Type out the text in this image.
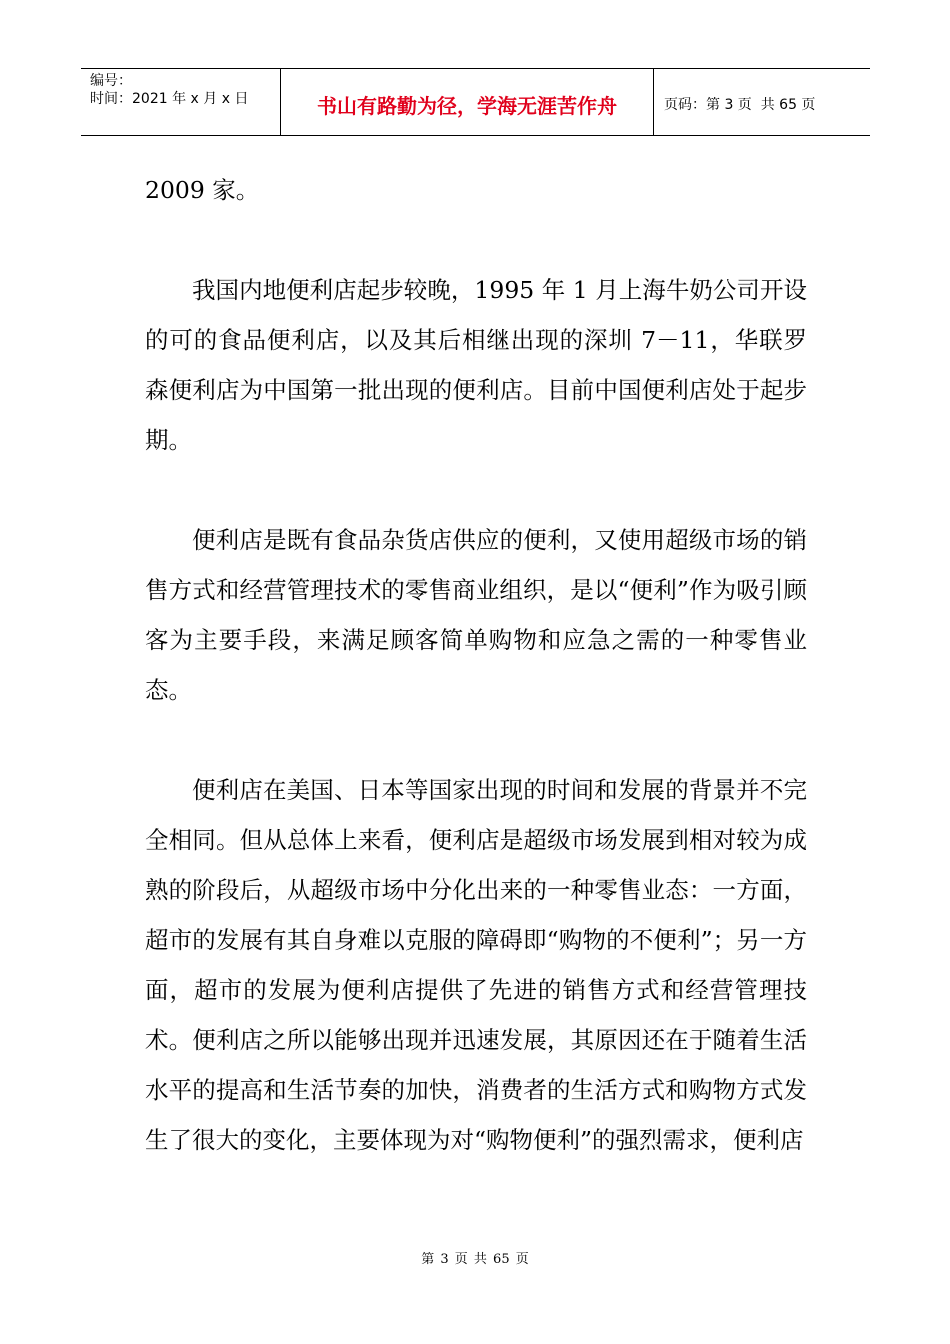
编号：
时间：2021 年 x 月 x 日	书山有路勤为径，学海无涯苦作舟	页码：第 3 页  共 65 页

2009 家。

我国内地便利店起步较晚，1995 年 1 月上海牛奶公司开设的可的食品便利店，以及其后相继出现的深圳 7－11，华联罗森便利店为中国第一批出现的便利店。目前中国便利店处于起步期。

便利店是既有食品杂货店供应的便利，又使用超级市场的销售方式和经营管理技术的零售商业组织，是以“便利”作为吸引顾客为主要手段，来满足顾客简单购物和应急之需的一种零售业态。

便利店在美国、日本等国家出现的时间和发展的背景并不完全相同。但从总体上来看，便利店是超级市场发展到相对较为成熟的阶段后，从超级市场中分化出来的一种零售业态：一方面，超市的发展有其自身难以克服的障碍即“购物的不便利”；另一方面，超市的发展为便利店提供了先进的销售方式和经营管理技术。便利店之所以能够出现并迅速发展，其原因还在于随着生活水平的提高和生活节奏的加快，消费者的生活方式和购物方式发生了很大的变化，主要体现为对“购物便利”的强烈需求，便利店

第 3 页 共 65 页
